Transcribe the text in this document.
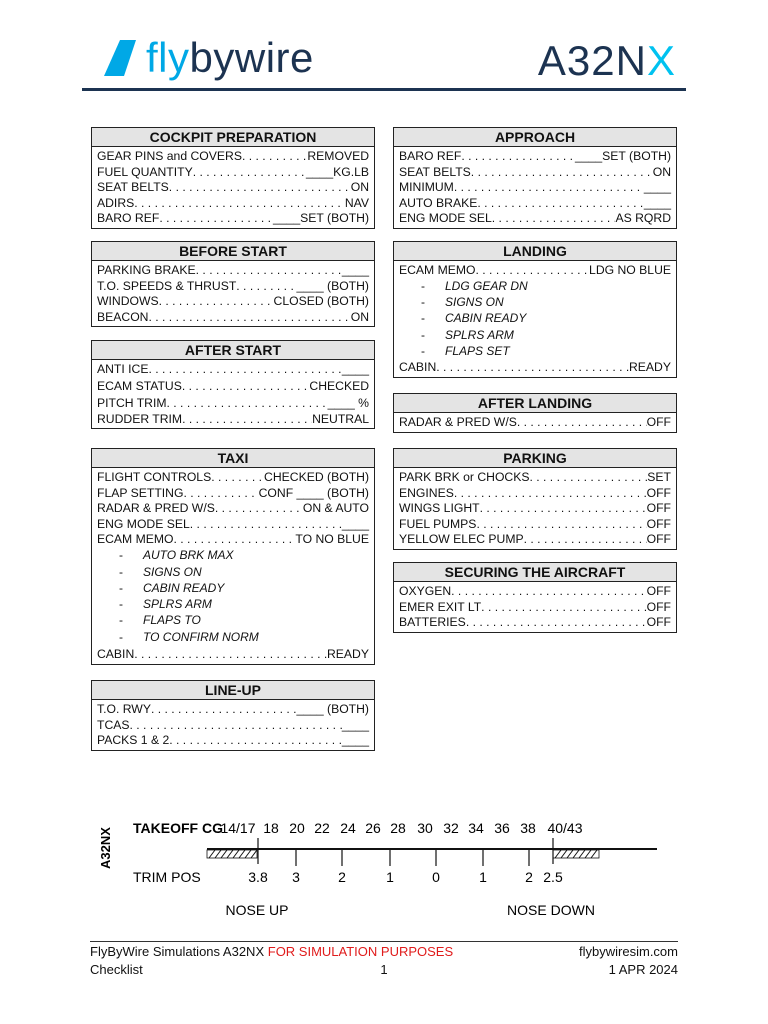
flybywire	A32NX
COCKPIT PREPARATION
GEAR PINS and COVERS . . .	REMOVED
FUEL QUANTITY . . .	____KG.LB
SEAT BELTS . . .	ON
ADIRS . . .	NAV
BARO REF . . .	____SET (BOTH)
BEFORE START
PARKING BRAKE . . .	____
T.O. SPEEDS & THRUST . . .	____ (BOTH)
WINDOWS . . .	CLOSED (BOTH)
BEACON . . .	ON
AFTER START
ANTI ICE . . .	____
ECAM STATUS . . .	CHECKED
PITCH TRIM . . .	____ %
RUDDER TRIM . . .	NEUTRAL
TAXI
FLIGHT CONTROLS . . .	CHECKED (BOTH)
FLAP SETTING . . .	CONF ____ (BOTH)
RADAR & PRED W/S . . .	ON & AUTO
ENG MODE SEL . . .	____
ECAM MEMO . . .	TO NO BLUE
-	AUTO BRK MAX
-	SIGNS ON
-	CABIN READY
-	SPLRS ARM
-	FLAPS TO
-	TO CONFIRM NORM
CABIN . . .	READY
LINE-UP
T.O. RWY . . .	____ (BOTH)
TCAS . . .	____
PACKS 1 & 2 . . .	____
APPROACH
BARO REF . . .	____SET (BOTH)
SEAT BELTS . . .	ON
MINIMUM . . .	____
AUTO BRAKE . . .	____
ENG MODE SEL . . .	AS RQRD
LANDING
ECAM MEMO . . .	LDG NO BLUE
-	LDG GEAR DN
-	SIGNS ON
-	CABIN READY
-	SPLRS ARM
-	FLAPS SET
CABIN . . .	READY
AFTER LANDING
RADAR & PRED W/S . . .	OFF
PARKING
PARK BRK or CHOCKS . . .	SET
ENGINES . . .	OFF
WINGS LIGHT . . .	OFF
FUEL PUMPS . . .	OFF
YELLOW ELEC PUMP . . .	OFF
SECURING THE AIRCRAFT
OXYGEN . . .	OFF
EMER EXIT LT . . .	OFF
BATTERIES . . .	OFF
A32NX TAKEOFF CG
14/17 18 20 22 24 26 28 30 32 34 36 38 40/43
TRIM POS	3.8 3	2	1	0	1	2 2.5
NOSE UP	NOSE DOWN
FlyByWire Simulations A32NX FOR SIMULATION PURPOSES	flybywiresim.com
Checklist	1	1 APR 2024
